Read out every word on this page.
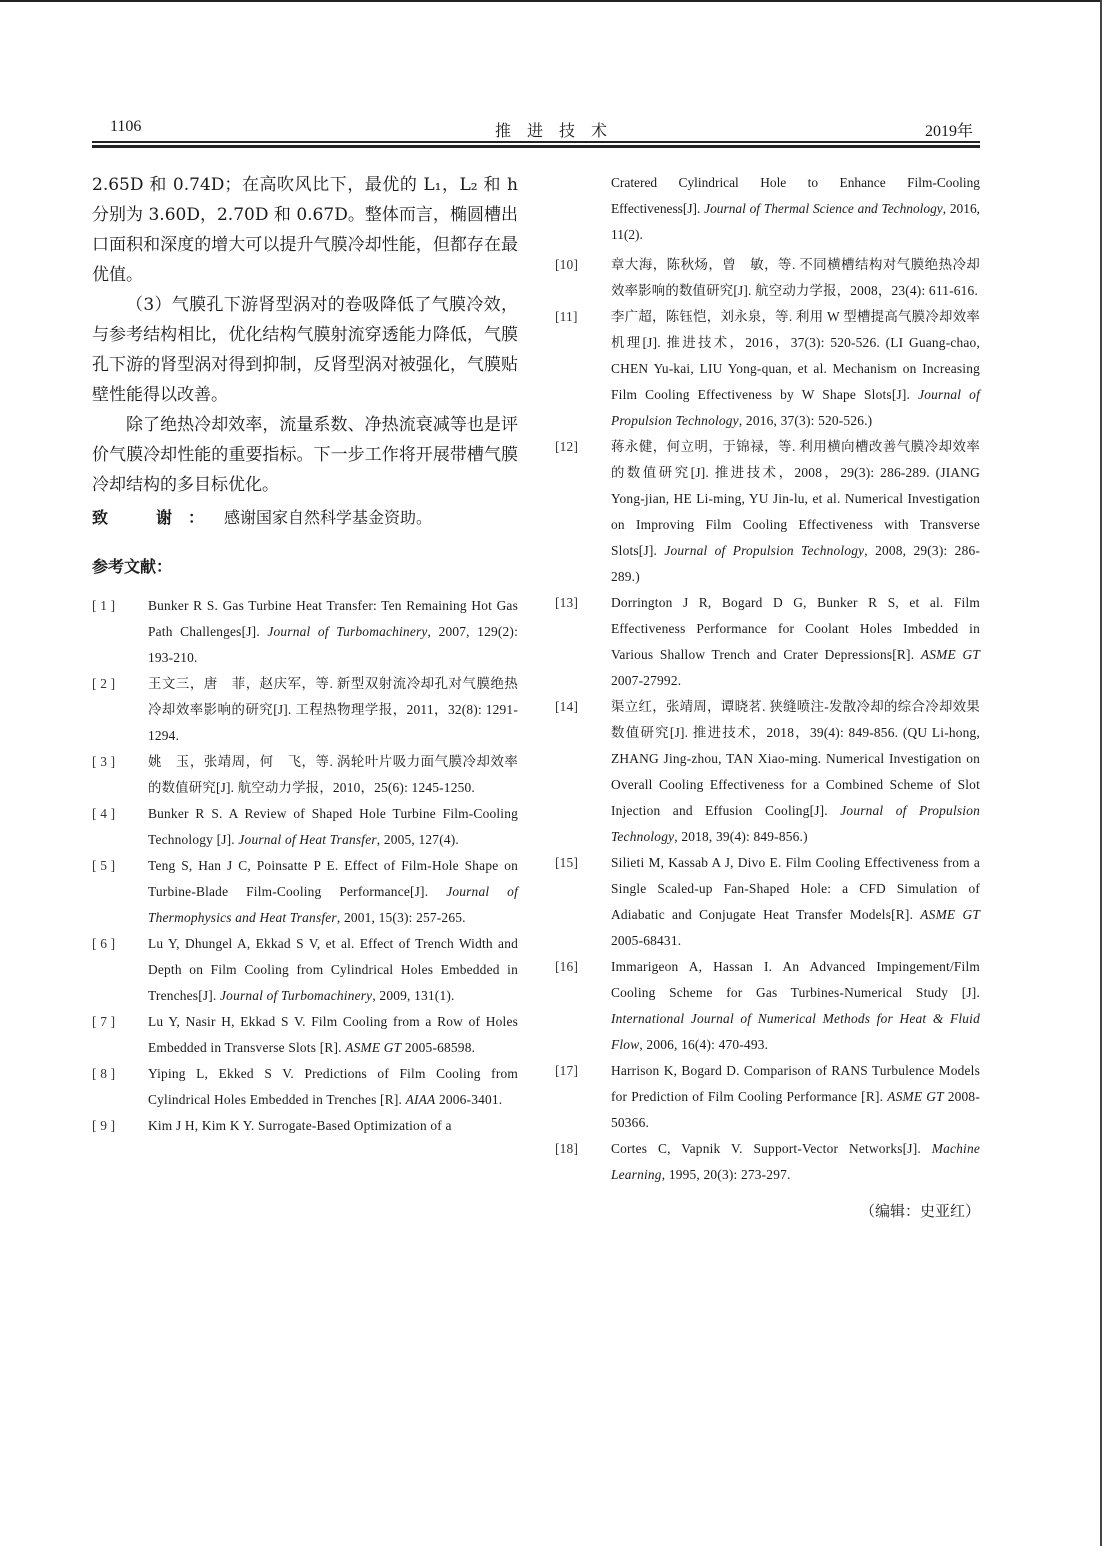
1106	推　进　技　术	2019年

2.65D 和 0.74D；在高吹风比下，最优的 L₁，L₂ 和 h 分别为 3.60D，2.70D 和 0.67D。整体而言，椭圆槽出口面积和深度的增大可以提升气膜冷却性能，但都存在最优值。

（3）气膜孔下游肾型涡对的卷吸降低了气膜冷效，与参考结构相比，优化结构气膜射流穿透能力降低，气膜孔下游的肾型涡对得到抑制，反肾型涡对被强化，气膜贴壁性能得以改善。

除了绝热冷却效率，流量系数、净热流衰减等也是评价气膜冷却性能的重要指标。下一步工作将开展带槽气膜冷却结构的多目标优化。

致　谢： 感谢国家自然科学基金资助。
参考文献：
[ 1 ]	Bunker R S. Gas Turbine Heat Transfer: Ten Remaining Hot Gas Path Challenges[J]. Journal of Turbomachinery, 2007, 129(2): 193-210.
[ 2 ]	王文三，唐　菲，赵庆军，等. 新型双射流冷却孔对气膜绝热冷却效率影响的研究[J]. 工程热物理学报，2011，32(8): 1291-1294.
[ 3 ]	姚　玉，张靖周，何　飞，等. 涡轮叶片吸力面气膜冷却效率的数值研究[J]. 航空动力学报，2010，25(6): 1245-1250.
[ 4 ]	Bunker R S. A Review of Shaped Hole Turbine Film-Cooling Technology [J]. Journal of Heat Transfer, 2005, 127(4).
[ 5 ]	Teng S, Han J C, Poinsatte P E. Effect of Film-Hole Shape on Turbine-Blade Film-Cooling Performance[J]. Journal of Thermophysics and Heat Transfer, 2001, 15(3): 257-265.
[ 6 ]	Lu Y, Dhungel A, Ekkad S V, et al. Effect of Trench Width and Depth on Film Cooling from Cylindrical Holes Embedded in Trenches[J]. Journal of Turbomachinery, 2009, 131(1).
[ 7 ]	Lu Y, Nasir H, Ekkad S V. Film Cooling from a Row of Holes Embedded in Transverse Slots [R]. ASME GT 2005-68598.
[ 8 ]	Yiping L, Ekked S V. Predictions of Film Cooling from Cylindrical Holes Embedded in Trenches [R]. AIAA 2006-3401.
[ 9 ]	Kim J H, Kim K Y. Surrogate-Based Optimization of a
Cratered Cylindrical Hole to Enhance Film-Cooling Effectiveness[J]. Journal of Thermal Science and Technology, 2016, 11(2).
[10]	章大海，陈秋炀，曾　敏，等. 不同横槽结构对气膜绝热冷却效率影响的数值研究[J]. 航空动力学报，2008，23(4): 611-616.
[11]	李广超，陈钰恺，刘永泉，等. 利用 W 型槽提高气膜冷却效率机理[J]. 推进技术，2016，37(3): 520-526. (LI Guang-chao, CHEN Yu-kai, LIU Yong-quan, et al. Mechanism on Increasing Film Cooling Effectiveness by W Shape Slots[J]. Journal of Propulsion Technology, 2016, 37(3): 520-526.)
[12]	蒋永健，何立明，于锦禄，等. 利用横向槽改善气膜冷却效率的数值研究[J]. 推进技术，2008，29(3): 286-289. (JIANG Yong-jian, HE Li-ming, YU Jin-lu, et al. Numerical Investigation on Improving Film Cooling Effectiveness with Transverse Slots[J]. Journal of Propulsion Technology, 2008, 29(3): 286-289.)
[13]	Dorrington J R, Bogard D G, Bunker R S, et al. Film Effectiveness Performance for Coolant Holes Imbedded in Various Shallow Trench and Crater Depressions[R]. ASME GT 2007-27992.
[14]	渠立红，张靖周，谭晓茗. 狭缝喷注-发散冷却的综合冷却效果数值研究[J]. 推进技术，2018，39(4): 849-856. (QU Li-hong, ZHANG Jing-zhou, TAN Xiao-ming. Numerical Investigation on Overall Cooling Effectiveness for a Combined Scheme of Slot Injection and Effusion Cooling[J]. Journal of Propulsion Technology, 2018, 39(4): 849-856.)
[15]	Silieti M, Kassab A J, Divo E. Film Cooling Effectiveness from a Single Scaled-up Fan-Shaped Hole: a CFD Simulation of Adiabatic and Conjugate Heat Transfer Models[R]. ASME GT 2005-68431.
[16]	Immarigeon A, Hassan I. An Advanced Impingement/Film Cooling Scheme for Gas Turbines-Numerical Study [J]. International Journal of Numerical Methods for Heat & Fluid Flow, 2006, 16(4): 470-493.
[17]	Harrison K, Bogard D. Comparison of RANS Turbulence Models for Prediction of Film Cooling Performance [R]. ASME GT 2008-50366.
[18]	Cortes C, Vapnik V. Support-Vector Networks[J]. Machine Learning, 1995, 20(3): 273-297.
（编辑：史亚红）
